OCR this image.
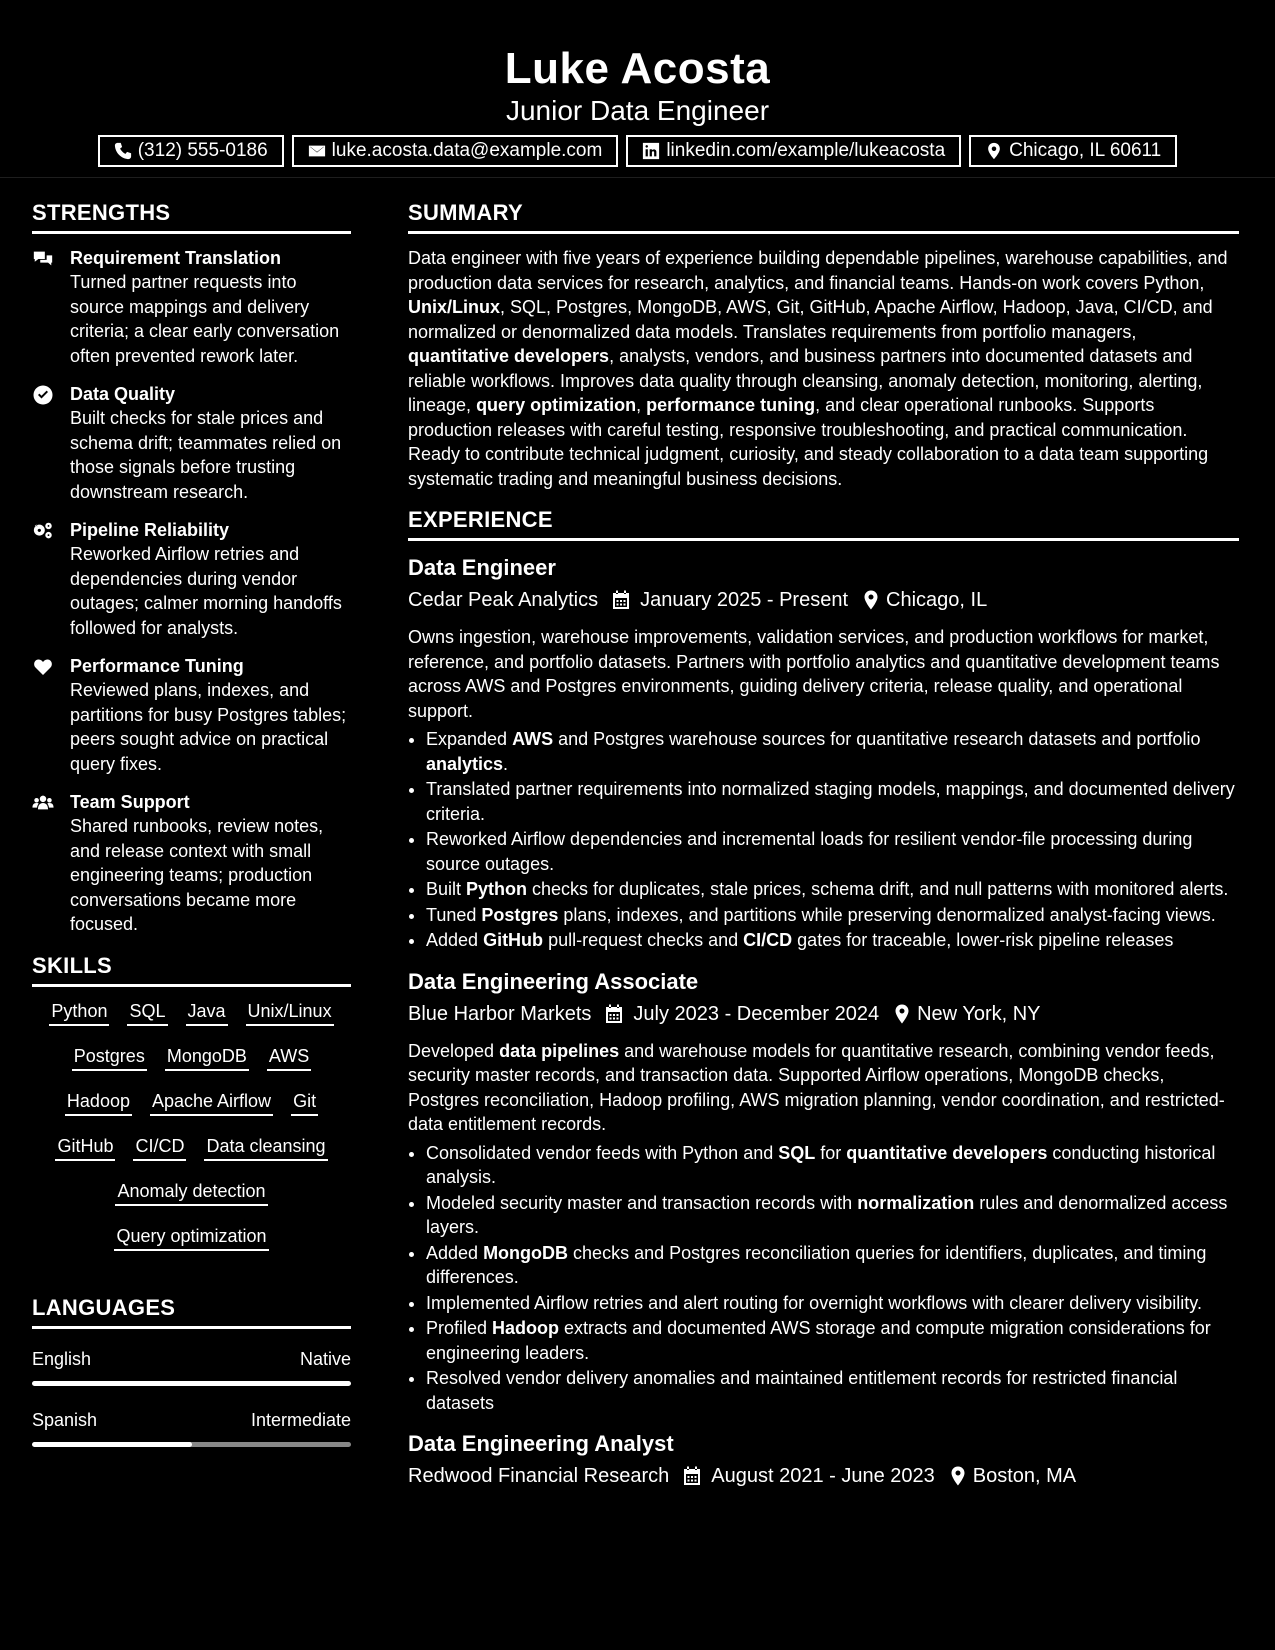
Luke Acosta
Junior Data Engineer
(312) 555-0186	luke.acosta.data@example.com	linkedin.com/example/lukeacosta	Chicago, IL 60611
STRENGTHS
Requirement Translation
Turned partner requests into source mappings and delivery criteria; a clear early conversation often prevented rework later.
Data Quality
Built checks for stale prices and schema drift; teammates relied on those signals before trusting downstream research.
Pipeline Reliability
Reworked Airflow retries and dependencies during vendor outages; calmer morning handoffs followed for analysts.
Performance Tuning
Reviewed plans, indexes, and partitions for busy Postgres tables; peers sought advice on practical query fixes.
Team Support
Shared runbooks, review notes, and release context with small engineering teams; production conversations became more focused.
SKILLS
Python SQL Java Unix/Linux
Postgres MongoDB AWS
Hadoop Apache Airflow Git
GitHub CI/CD Data cleansing
Anomaly detection
Query optimization
LANGUAGES
English	Native
Spanish	Intermediate
SUMMARY
Data engineer with five years of experience building dependable pipelines, warehouse capabilities, and production data services for research, analytics, and financial teams. Hands-on work covers Python, Unix/Linux, SQL, Postgres, MongoDB, AWS, Git, GitHub, Apache Airflow, Hadoop, Java, CI/CD, and normalized or denormalized data models. Translates requirements from portfolio managers, quantitative developers, analysts, vendors, and business partners into documented datasets and reliable workflows. Improves data quality through cleansing, anomaly detection, monitoring, alerting, lineage, query optimization, performance tuning, and clear operational runbooks. Supports production releases with careful testing, responsive troubleshooting, and practical communication. Ready to contribute technical judgment, curiosity, and steady collaboration to a data team supporting systematic trading and meaningful business decisions.
EXPERIENCE
Data Engineer
Cedar Peak Analytics January 2025 - Present Chicago, IL
Owns ingestion, warehouse improvements, validation services, and production workflows for market, reference, and portfolio datasets. Partners with portfolio analytics and quantitative development teams across AWS and Postgres environments, guiding delivery criteria, release quality, and operational support.
• Expanded AWS and Postgres warehouse sources for quantitative research datasets and portfolio analytics.
• Translated partner requirements into normalized staging models, mappings, and documented delivery criteria.
• Reworked Airflow dependencies and incremental loads for resilient vendor-file processing during source outages.
• Built Python checks for duplicates, stale prices, schema drift, and null patterns with monitored alerts.
• Tuned Postgres plans, indexes, and partitions while preserving denormalized analyst-facing views.
• Added GitHub pull-request checks and CI/CD gates for traceable, lower-risk pipeline releases
Data Engineering Associate
Blue Harbor Markets July 2023 - December 2024 New York, NY
Developed data pipelines and warehouse models for quantitative research, combining vendor feeds, security master records, and transaction data. Supported Airflow operations, MongoDB checks, Postgres reconciliation, Hadoop profiling, AWS migration planning, vendor coordination, and restricted-data entitlement records.
• Consolidated vendor feeds with Python and SQL for quantitative developers conducting historical analysis.
• Modeled security master and transaction records with normalization rules and denormalized access layers.
• Added MongoDB checks and Postgres reconciliation queries for identifiers, duplicates, and timing differences.
• Implemented Airflow retries and alert routing for overnight workflows with clearer delivery visibility.
• Profiled Hadoop extracts and documented AWS storage and compute migration considerations for engineering leaders.
• Resolved vendor delivery anomalies and maintained entitlement records for restricted financial datasets
Data Engineering Analyst
Redwood Financial Research August 2021 - June 2023 Boston, MA
